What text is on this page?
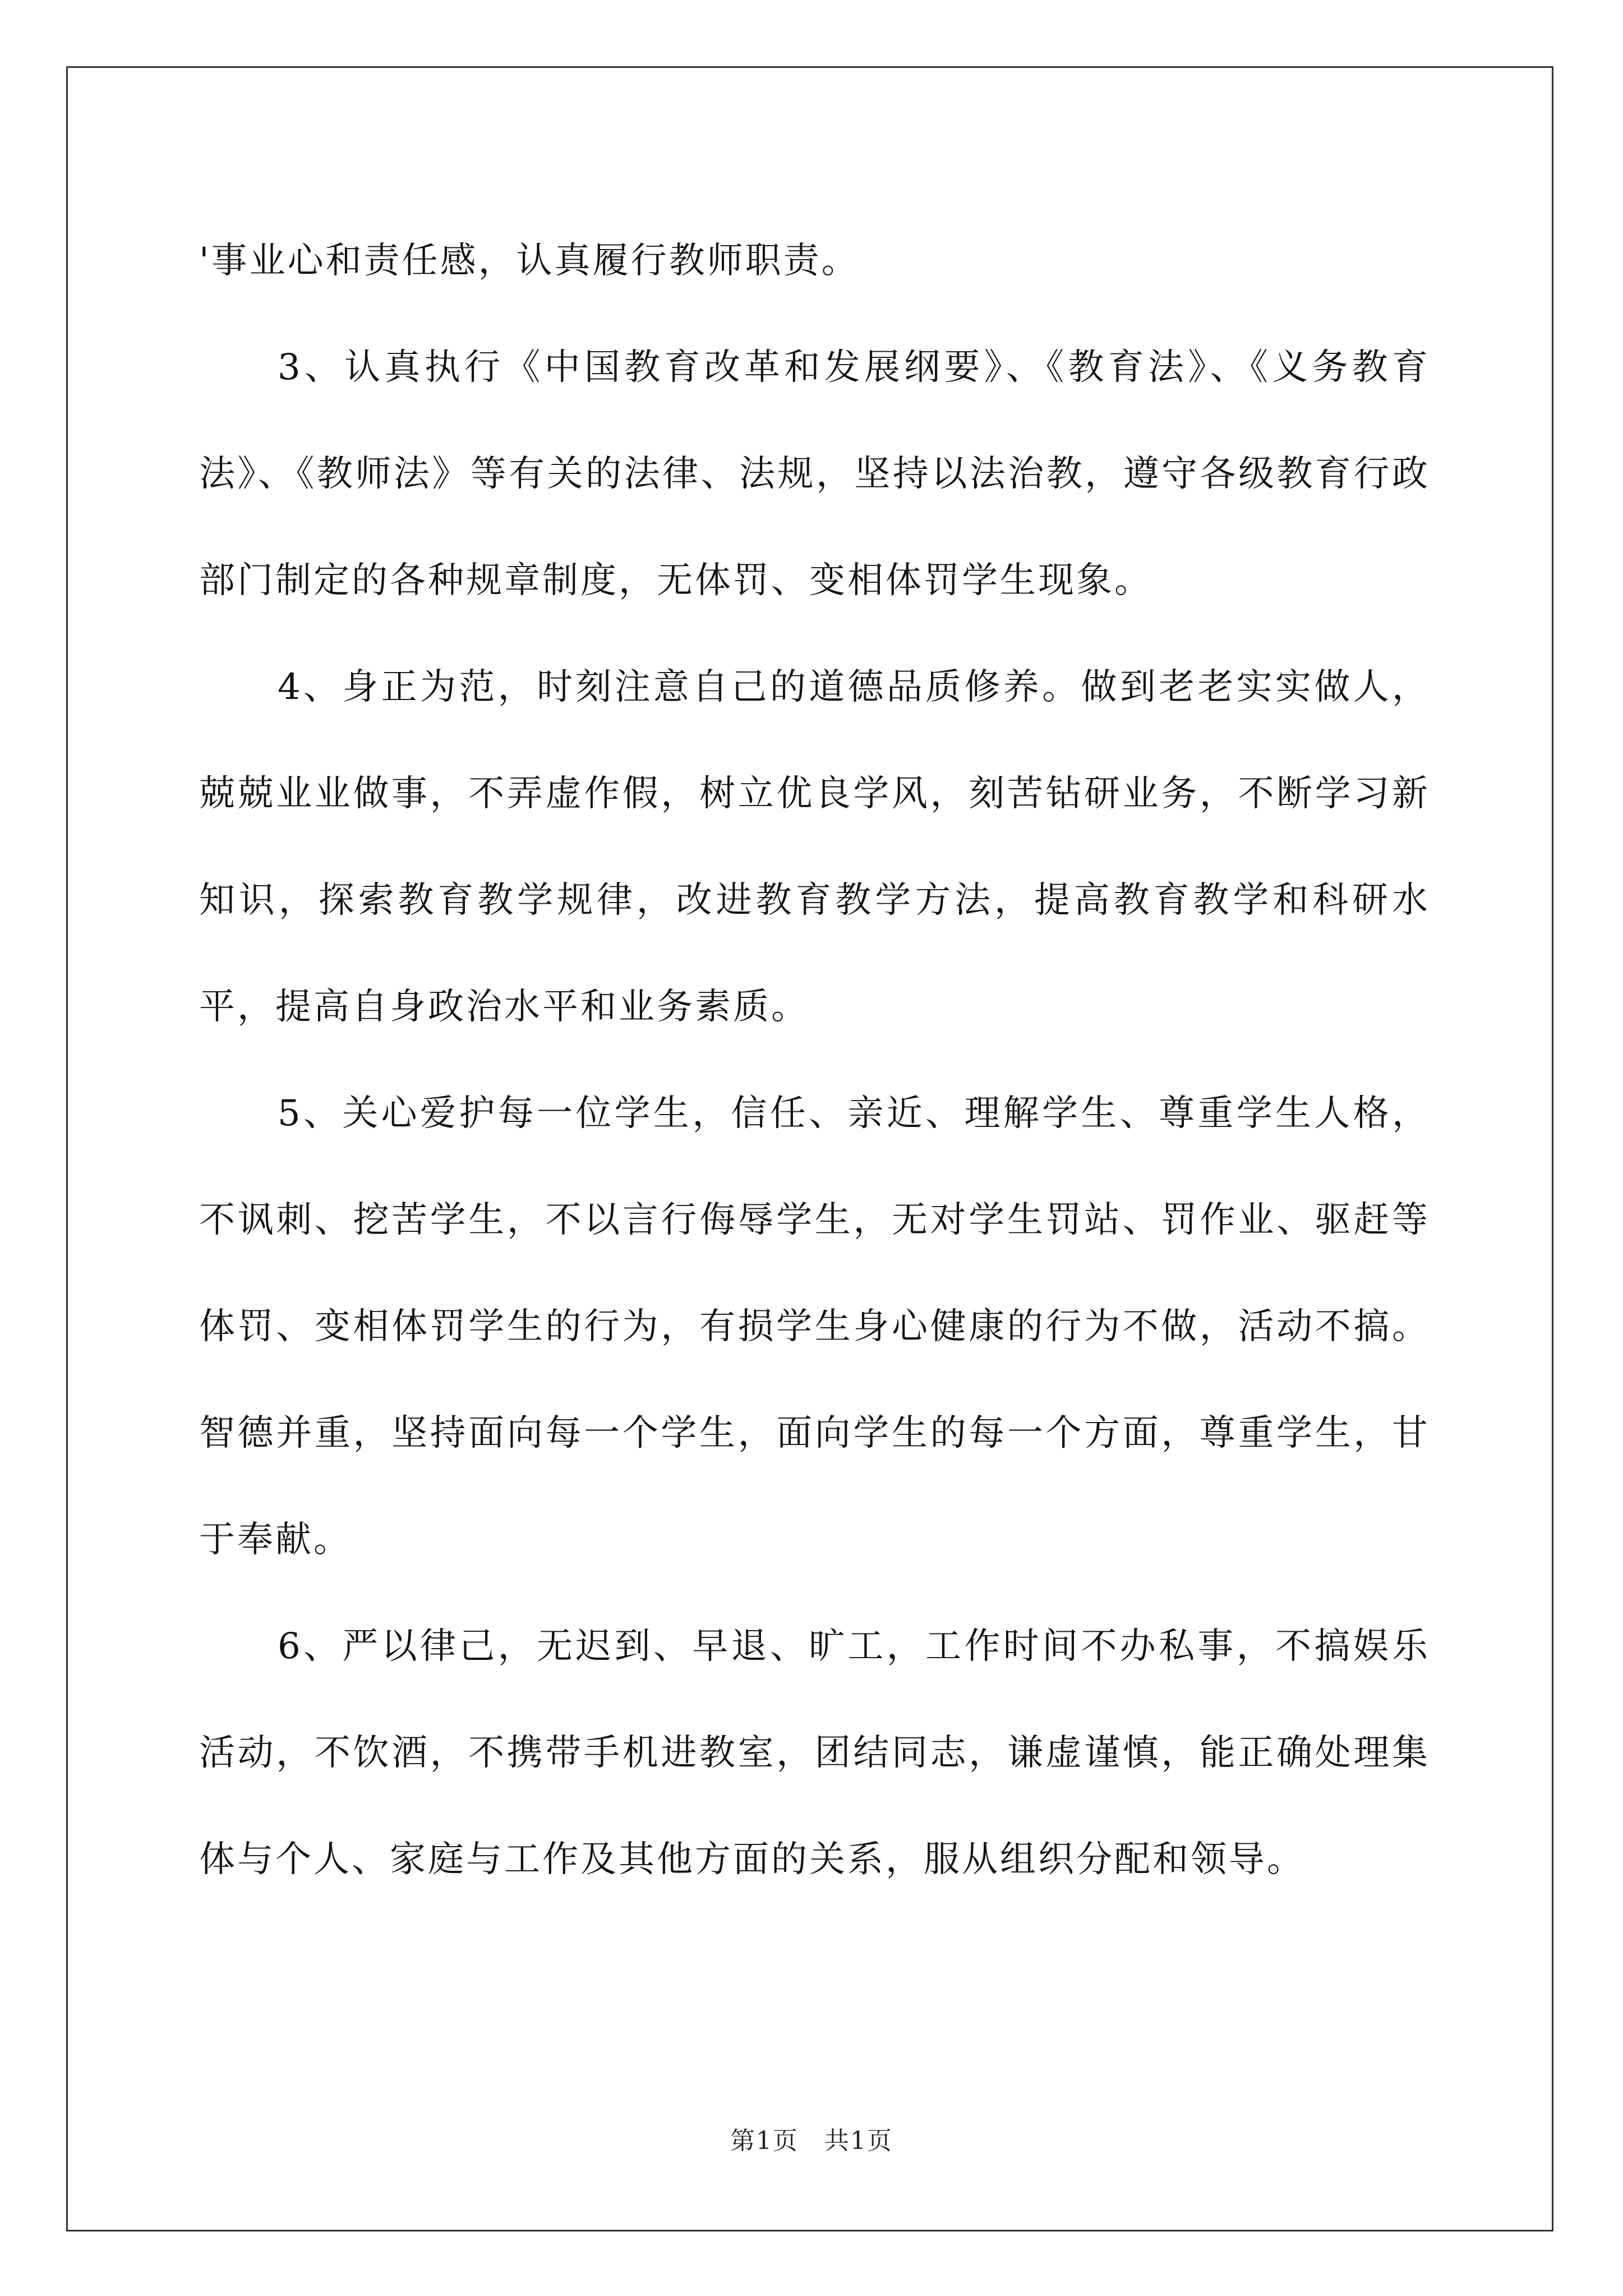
'事业心和责任感，认真履行教师职责。

3、认真执行《中国教育改革和发展纲要》、《教育法》、《义务教育法》、《教师法》等有关的法律、法规，坚持以法治教，遵守各级教育行政部门制定的各种规章制度，无体罚、变相体罚学生现象。

4、身正为范，时刻注意自己的道德品质修养。做到老老实实做人，兢兢业业做事，不弄虚作假，树立优良学风，刻苦钻研业务，不断学习新知识，探索教育教学规律，改进教育教学方法，提高教育教学和科研水平，提高自身政治水平和业务素质。

5、关心爱护每一位学生，信任、亲近、理解学生、尊重学生人格，不讽刺、挖苦学生，不以言行侮辱学生，无对学生罚站、罚作业、驱赶等体罚、变相体罚学生的行为，有损学生身心健康的行为不做，活动不搞。智德并重，坚持面向每一个学生，面向学生的每一个方面，尊重学生，甘于奉献。

6、严以律己，无迟到、早退、旷工，工作时间不办私事，不搞娱乐活动，不饮酒，不携带手机进教室，团结同志，谦虚谨慎，能正确处理集体与个人、家庭与工作及其他方面的关系，服从组织分配和领导。

第1页　共1页
